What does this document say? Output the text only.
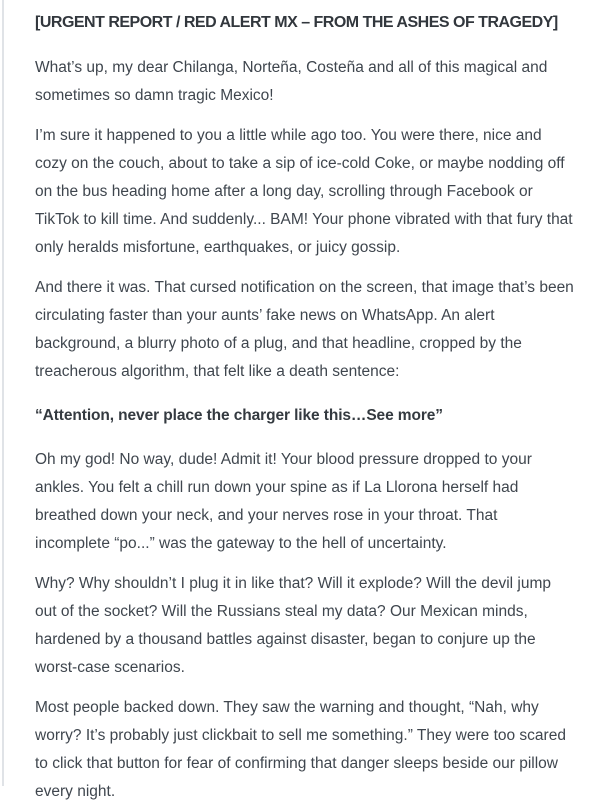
[URGENT REPORT / RED ALERT MX – FROM THE ASHES OF TRAGEDY]

What’s up, my dear Chilanga, Norteña, Costeña and all of this magical and sometimes so damn tragic Mexico!

I’m sure it happened to you a little while ago too. You were there, nice and cozy on the couch, about to take a sip of ice-cold Coke, or maybe nodding off on the bus heading home after a long day, scrolling through Facebook or TikTok to kill time. And suddenly... BAM! Your phone vibrated with that fury that only heralds misfortune, earthquakes, or juicy gossip.

And there it was. That cursed notification on the screen, that image that’s been circulating faster than your aunts’ fake news on WhatsApp. An alert background, a blurry photo of a plug, and that headline, cropped by the treacherous algorithm, that felt like a death sentence:

“Attention, never place the charger like this…See more”

Oh my god! No way, dude! Admit it! Your blood pressure dropped to your ankles. You felt a chill run down your spine as if La Llorona herself had breathed down your neck, and your nerves rose in your throat. That incomplete “po...” was the gateway to the hell of uncertainty.

Why? Why shouldn’t I plug it in like that? Will it explode? Will the devil jump out of the socket? Will the Russians steal my data? Our Mexican minds, hardened by a thousand battles against disaster, began to conjure up the worst-case scenarios.

Most people backed down. They saw the warning and thought, “Nah, why worry? It’s probably just clickbait to sell me something.” They were too scared to click that button for fear of confirming that danger sleeps beside our pillow every night.
